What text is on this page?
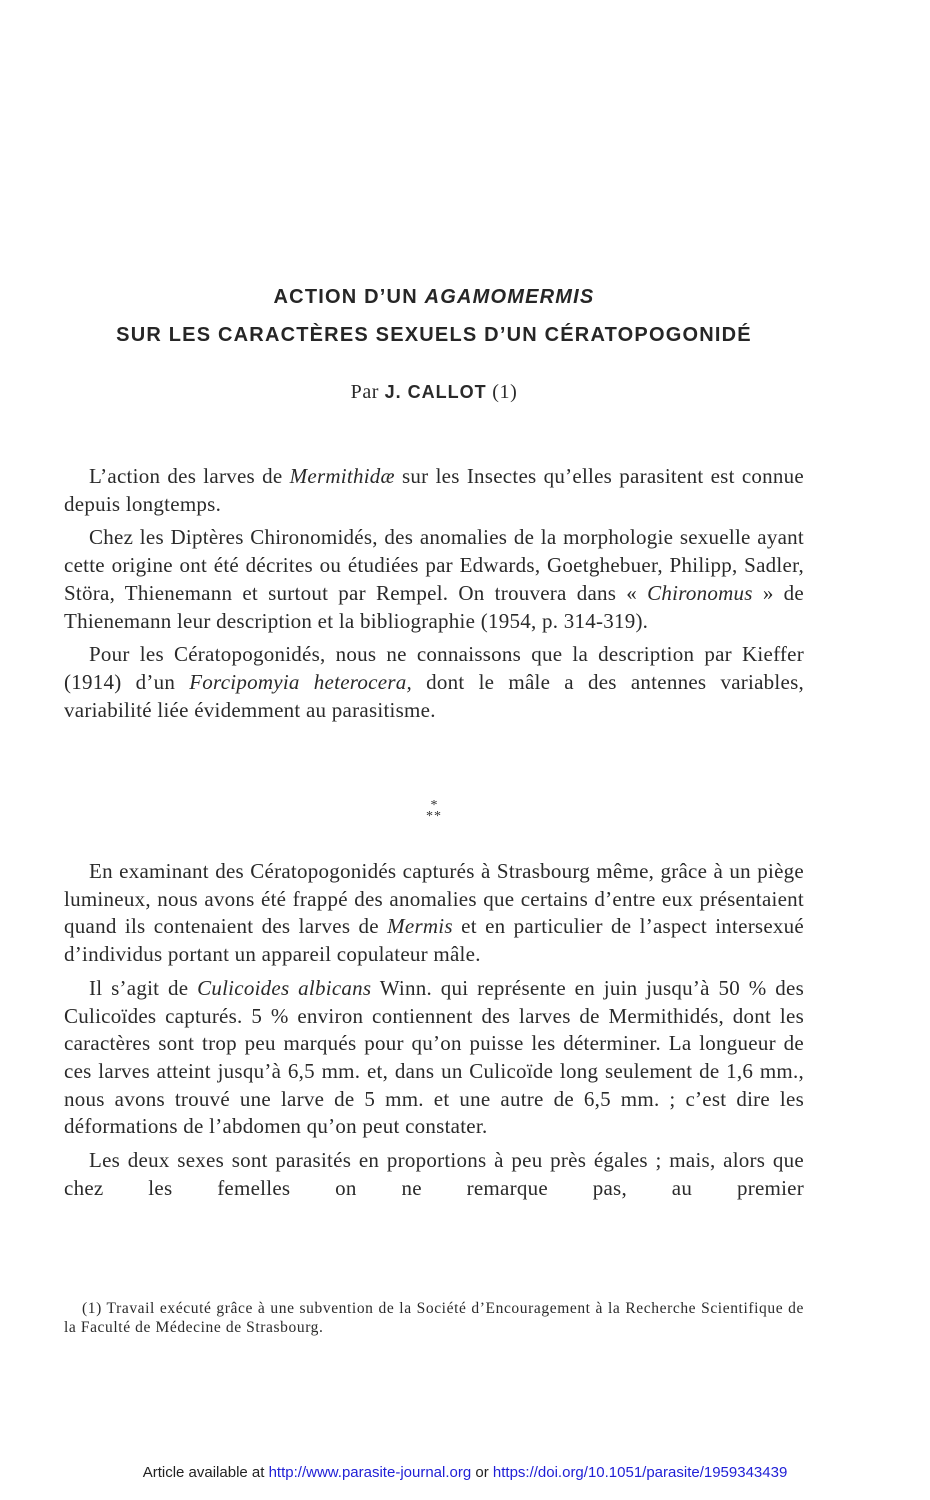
ACTION D’UN AGAMOMERMIS
SUR LES CARACTÈRES SEXUELS D’UN CÉRATOPOGONIDÉ
Par J. CALLOT (1)

L’action des larves de Mermithidæ sur les Insectes qu’elles parasitent est connue depuis longtemps.

Chez les Diptères Chironomidés, des anomalies de la morphologie sexuelle ayant cette origine ont été décrites ou étudiées par Edwards, Goetghebuer, Philipp, Sadler, Störa, Thienemann et surtout par Rempel. On trouvera dans « Chironomus » de Thienemann leur description et la bibliographie (1954, p. 314-319).

Pour les Cératopogonidés, nous ne connaissons que la description par Kieffer (1914) d’un Forcipomyia heterocera, dont le mâle a des antennes variables, variabilité liée évidemment au parasitisme.

*
**

En examinant des Cératopogonidés capturés à Strasbourg même, grâce à un piège lumineux, nous avons été frappé des anomalies que certains d’entre eux présentaient quand ils contenaient des larves de Mermis et en particulier de l’aspect intersexué d’individus portant un appareil copulateur mâle.

Il s’agit de Culicoides albicans Winn. qui représente en juin jusqu’à 50 % des Culicoïdes capturés. 5 % environ contiennent des larves de Mermithidés, dont les caractères sont trop peu marqués pour qu’on puisse les déterminer. La longueur de ces larves atteint jusqu’à 6,5 mm. et, dans un Culicoïde long seulement de 1,6 mm., nous avons trouvé une larve de 5 mm. et une autre de 6,5 mm. ; c’est dire les déformations de l’abdomen qu’on peut constater.

Les deux sexes sont parasités en proportions à peu près égales ; mais, alors que chez les femelles on ne remarque pas, au premier

(1) Travail exécuté grâce à une subvention de la Société d’Encouragement à la Recherche Scientifique de la Faculté de Médecine de Strasbourg.

Article available at http://www.parasite-journal.org or https://doi.org/10.1051/parasite/1959343439
